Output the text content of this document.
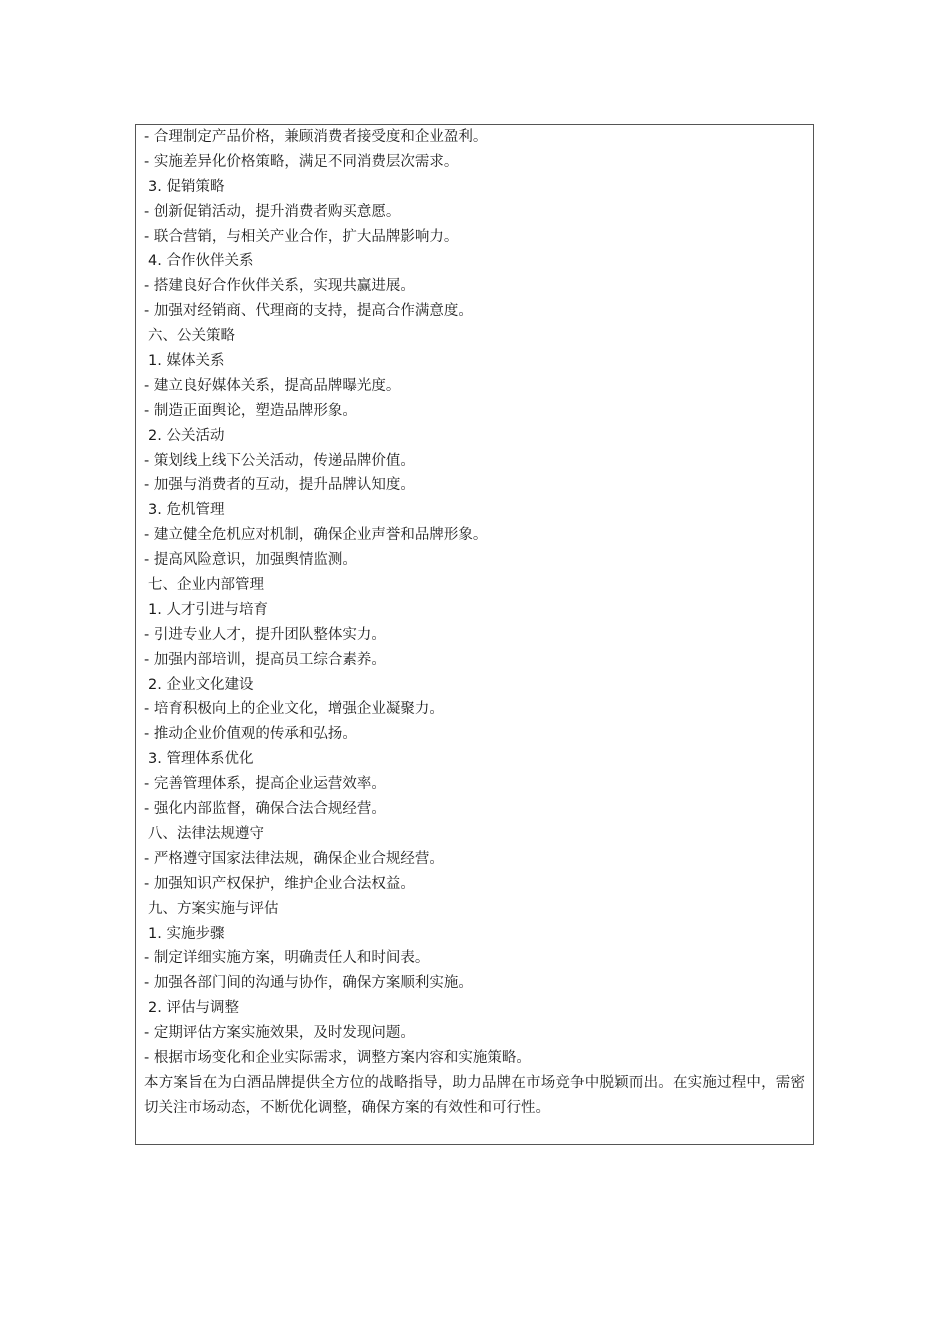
- 合理制定产品价格，兼顾消费者接受度和企业盈利。
- 实施差异化价格策略，满足不同消费层次需求。
3. 促销策略
- 创新促销活动，提升消费者购买意愿。
- 联合营销，与相关产业合作，扩大品牌影响力。
4. 合作伙伴关系
- 搭建良好合作伙伴关系，实现共赢进展。
- 加强对经销商、代理商的支持，提高合作满意度。
六、公关策略
1. 媒体关系
- 建立良好媒体关系，提高品牌曝光度。
- 制造正面舆论，塑造品牌形象。
2. 公关活动
- 策划线上线下公关活动，传递品牌价值。
- 加强与消费者的互动，提升品牌认知度。
3. 危机管理
- 建立健全危机应对机制，确保企业声誉和品牌形象。
- 提高风险意识，加强舆情监测。
七、企业内部管理
1. 人才引进与培育
- 引进专业人才，提升团队整体实力。
- 加强内部培训，提高员工综合素养。
2. 企业文化建设
- 培育积极向上的企业文化，增强企业凝聚力。
- 推动企业价值观的传承和弘扬。
3. 管理体系优化
- 完善管理体系，提高企业运营效率。
- 强化内部监督，确保合法合规经营。
八、法律法规遵守
- 严格遵守国家法律法规，确保企业合规经营。
- 加强知识产权保护，维护企业合法权益。
九、方案实施与评估
1. 实施步骤
- 制定详细实施方案，明确责任人和时间表。
- 加强各部门间的沟通与协作，确保方案顺利实施。
2. 评估与调整
- 定期评估方案实施效果，及时发现问题。
- 根据市场变化和企业实际需求，调整方案内容和实施策略。

本方案旨在为白酒品牌提供全方位的战略指导，助力品牌在市场竞争中脱颖而出。在实施过程中，需密切关注市场动态，不断优化调整，确保方案的有效性和可行性。
